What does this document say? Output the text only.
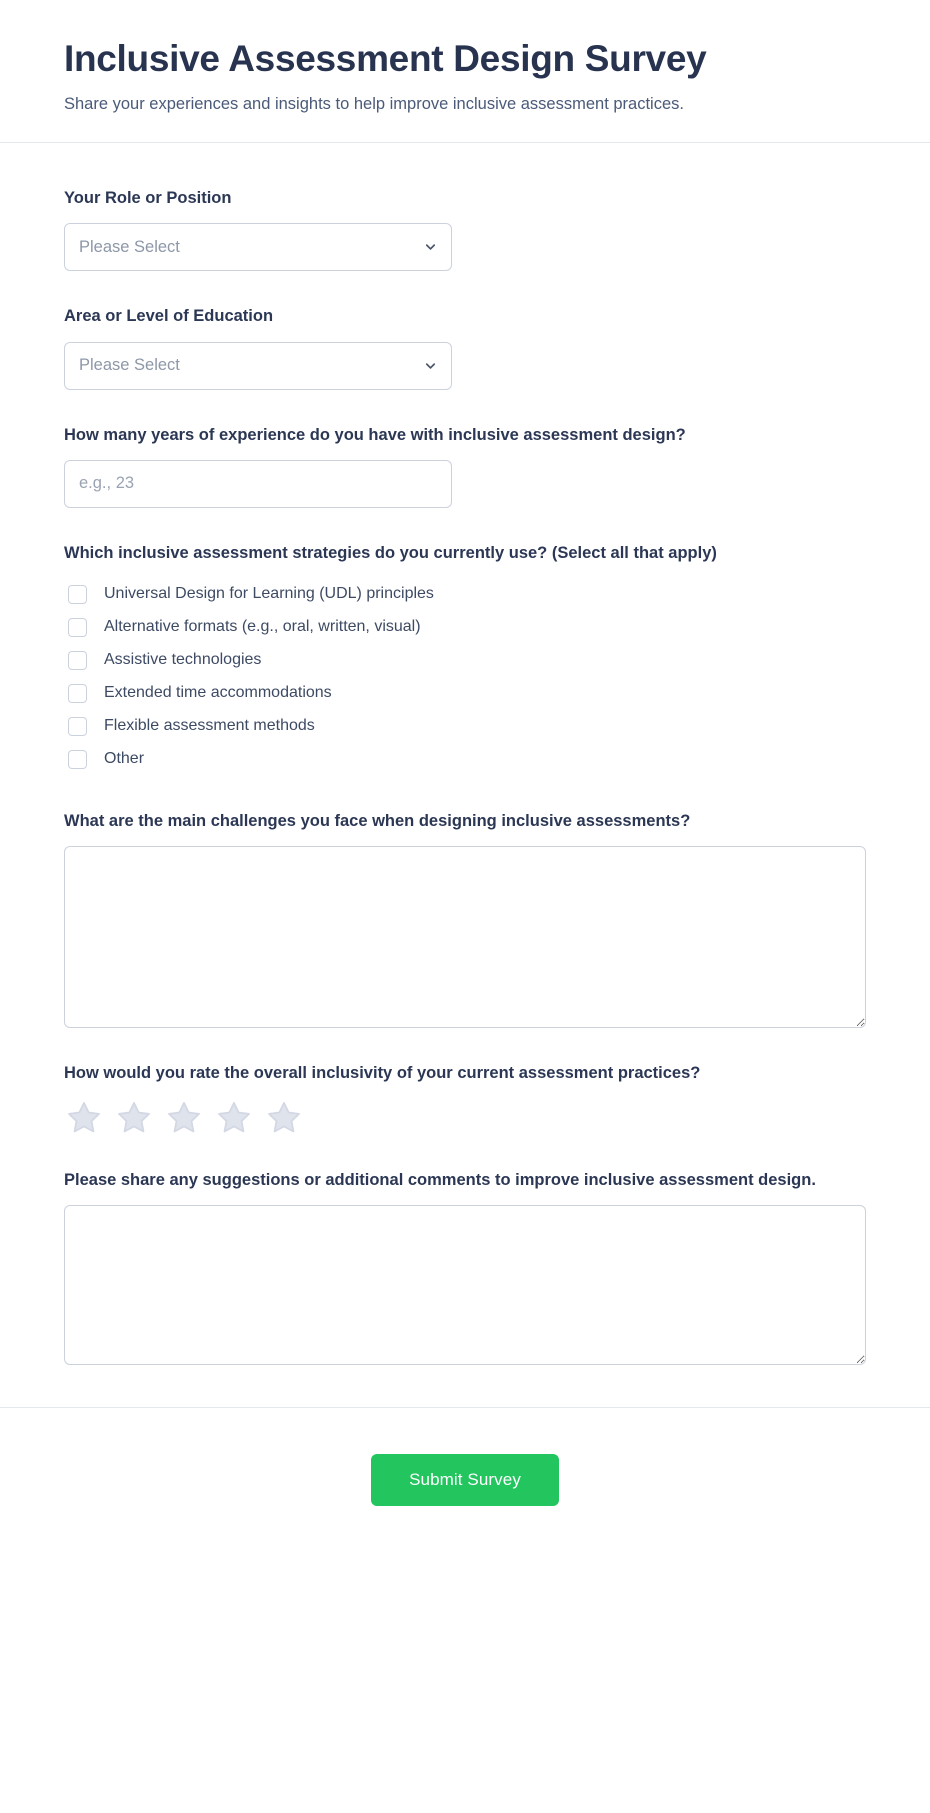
Inclusive Assessment Design Survey

Share your experiences and insights to help improve inclusive assessment practices.

Your Role or Position
Please Select
Area or Level of Education
Please Select
How many years of experience do you have with inclusive assessment design?
e.g., 23
Which inclusive assessment strategies do you currently use? (Select all that apply)
Universal Design for Learning (UDL) principles
Alternative formats (e.g., oral, written, visual)
Assistive technologies
Extended time accommodations
Flexible assessment methods
Other
What are the main challenges you face when designing inclusive assessments?
How would you rate the overall inclusivity of your current assessment practices?
Please share any suggestions or additional comments to improve inclusive assessment design.
Submit Survey
